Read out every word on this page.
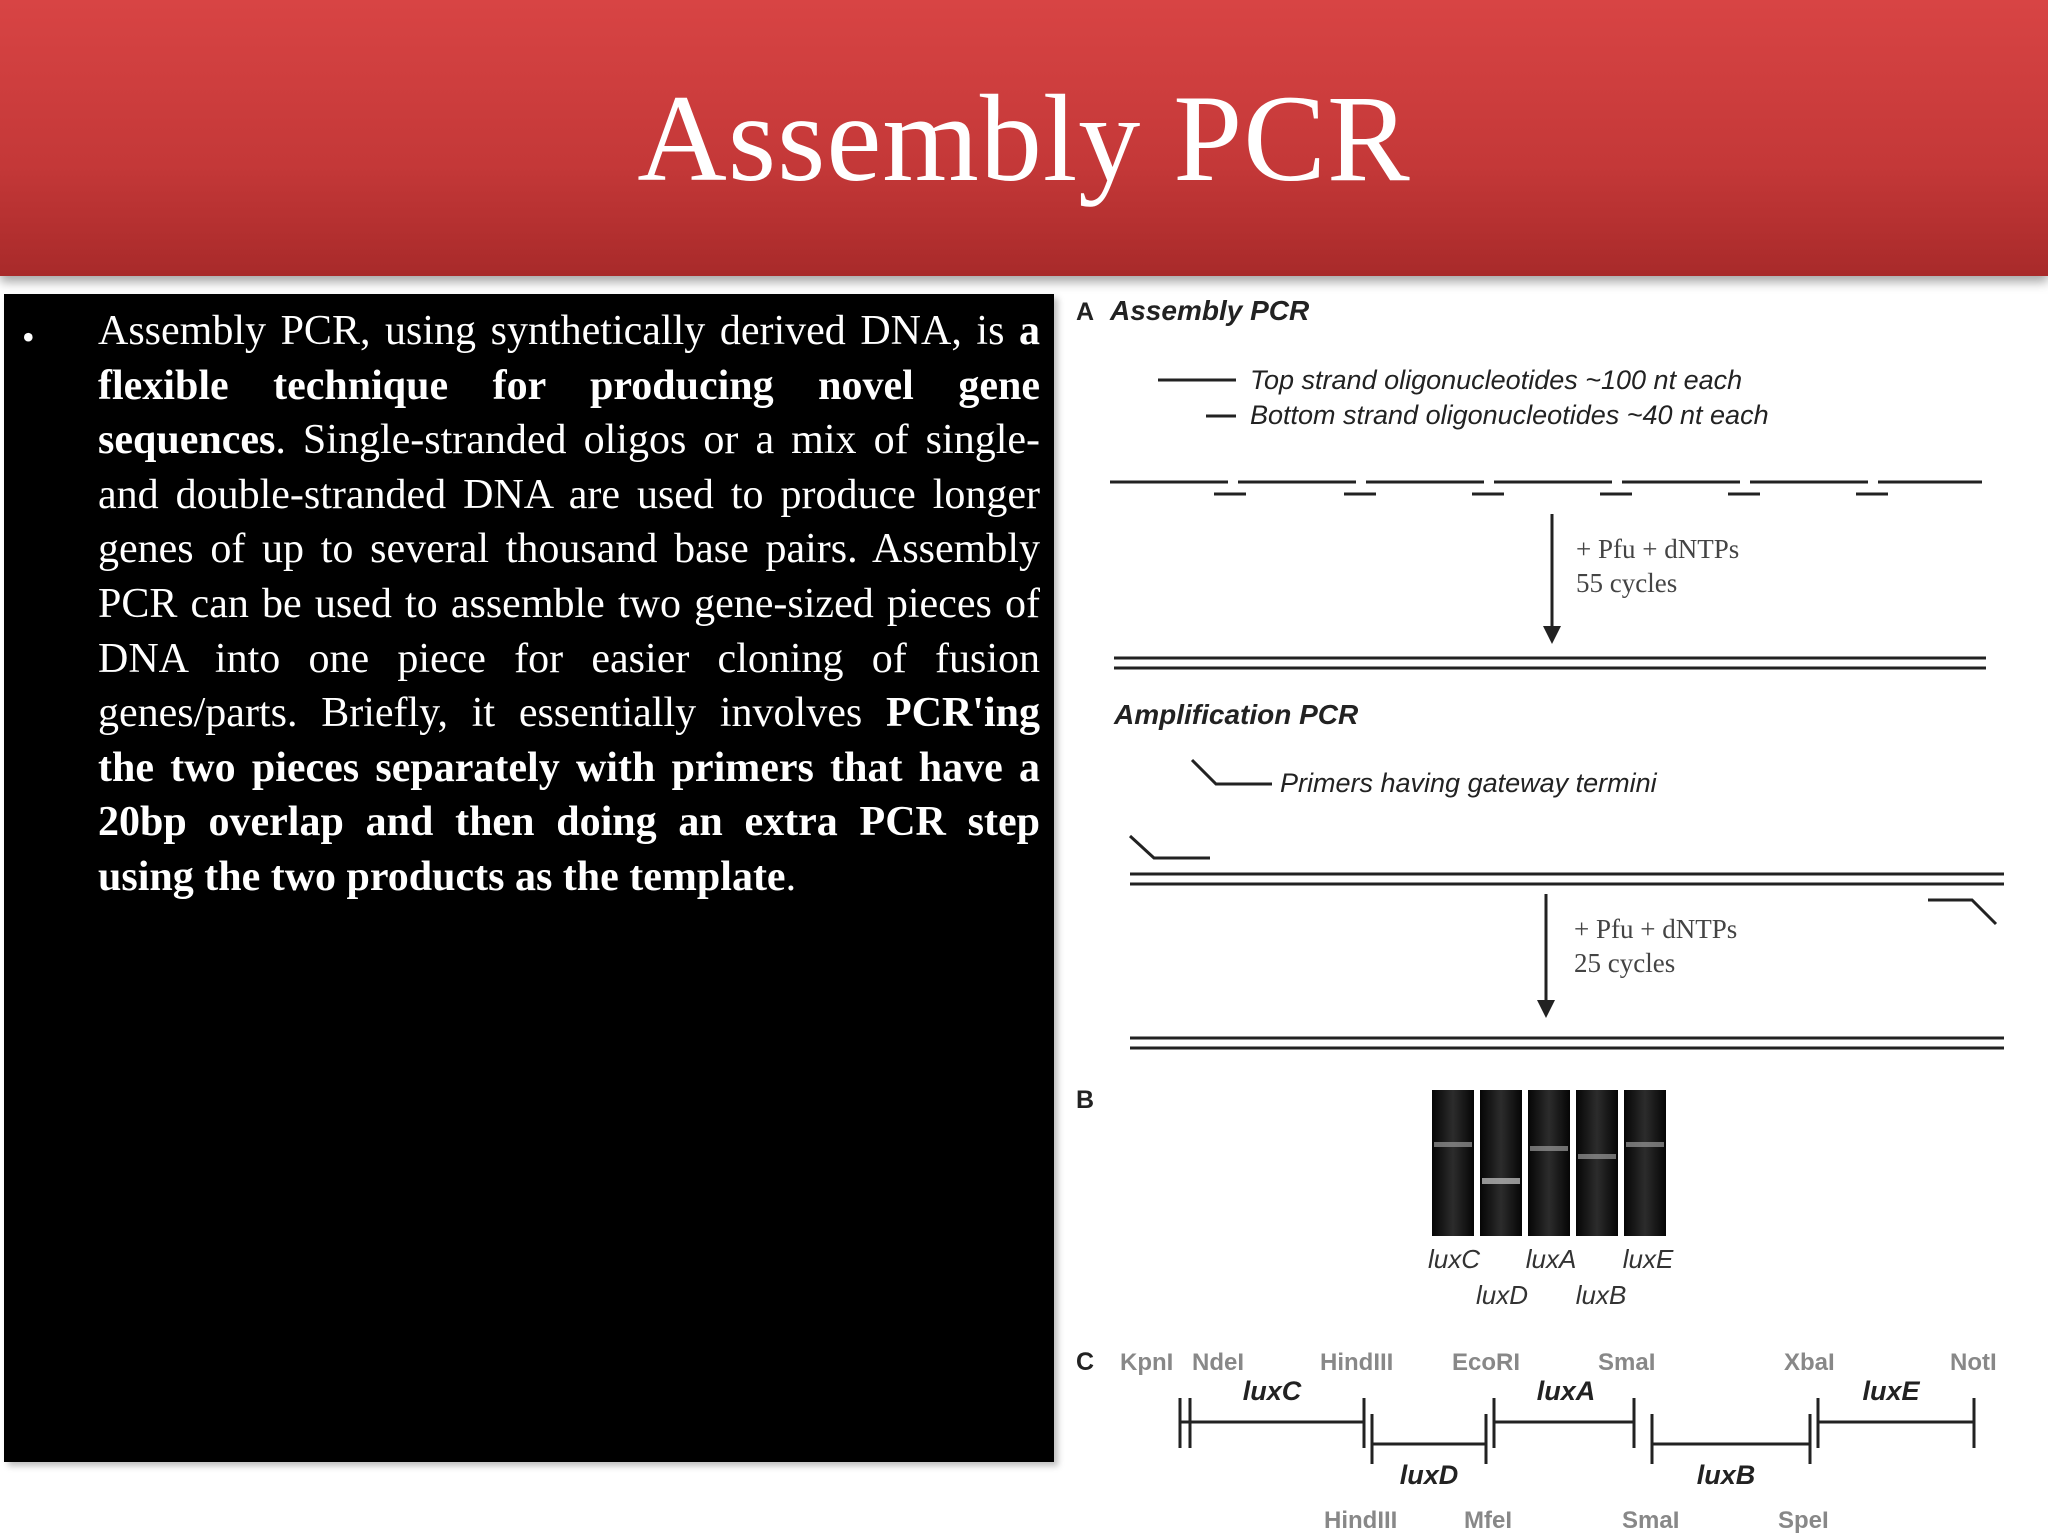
Assembly PCR
• Assembly PCR, using synthetically derived DNA, is a flexible technique for producing novel gene sequences. Single-stranded oligos or a mix of single- and double-stranded DNA are used to produce longer genes of up to several thousand base pairs. Assembly PCR can be used to assemble two gene-sized pieces of DNA into one piece for easier cloning of fusion genes/parts. Briefly, it essentially involves PCR'ing the two pieces separately with primers that have a 20bp overlap and then doing an extra PCR step using the two products as the template.
A Assembly PCR
Top strand oligonucleotides ~100 nt each
Bottom strand oligonucleotides ~40 nt each
+ Pfu + dNTPs
55 cycles
Amplification PCR
Primers having gateway termini
+ Pfu + dNTPs
25 cycles
B
luxC luxA luxE
luxD luxB
C KpnI NdeI	HindIII EcoRI	SmaI	XbaI	NotI
luxC	luxA	luxE
luxD	luxB
HindIII	MfeI	SmaI	SpeI
